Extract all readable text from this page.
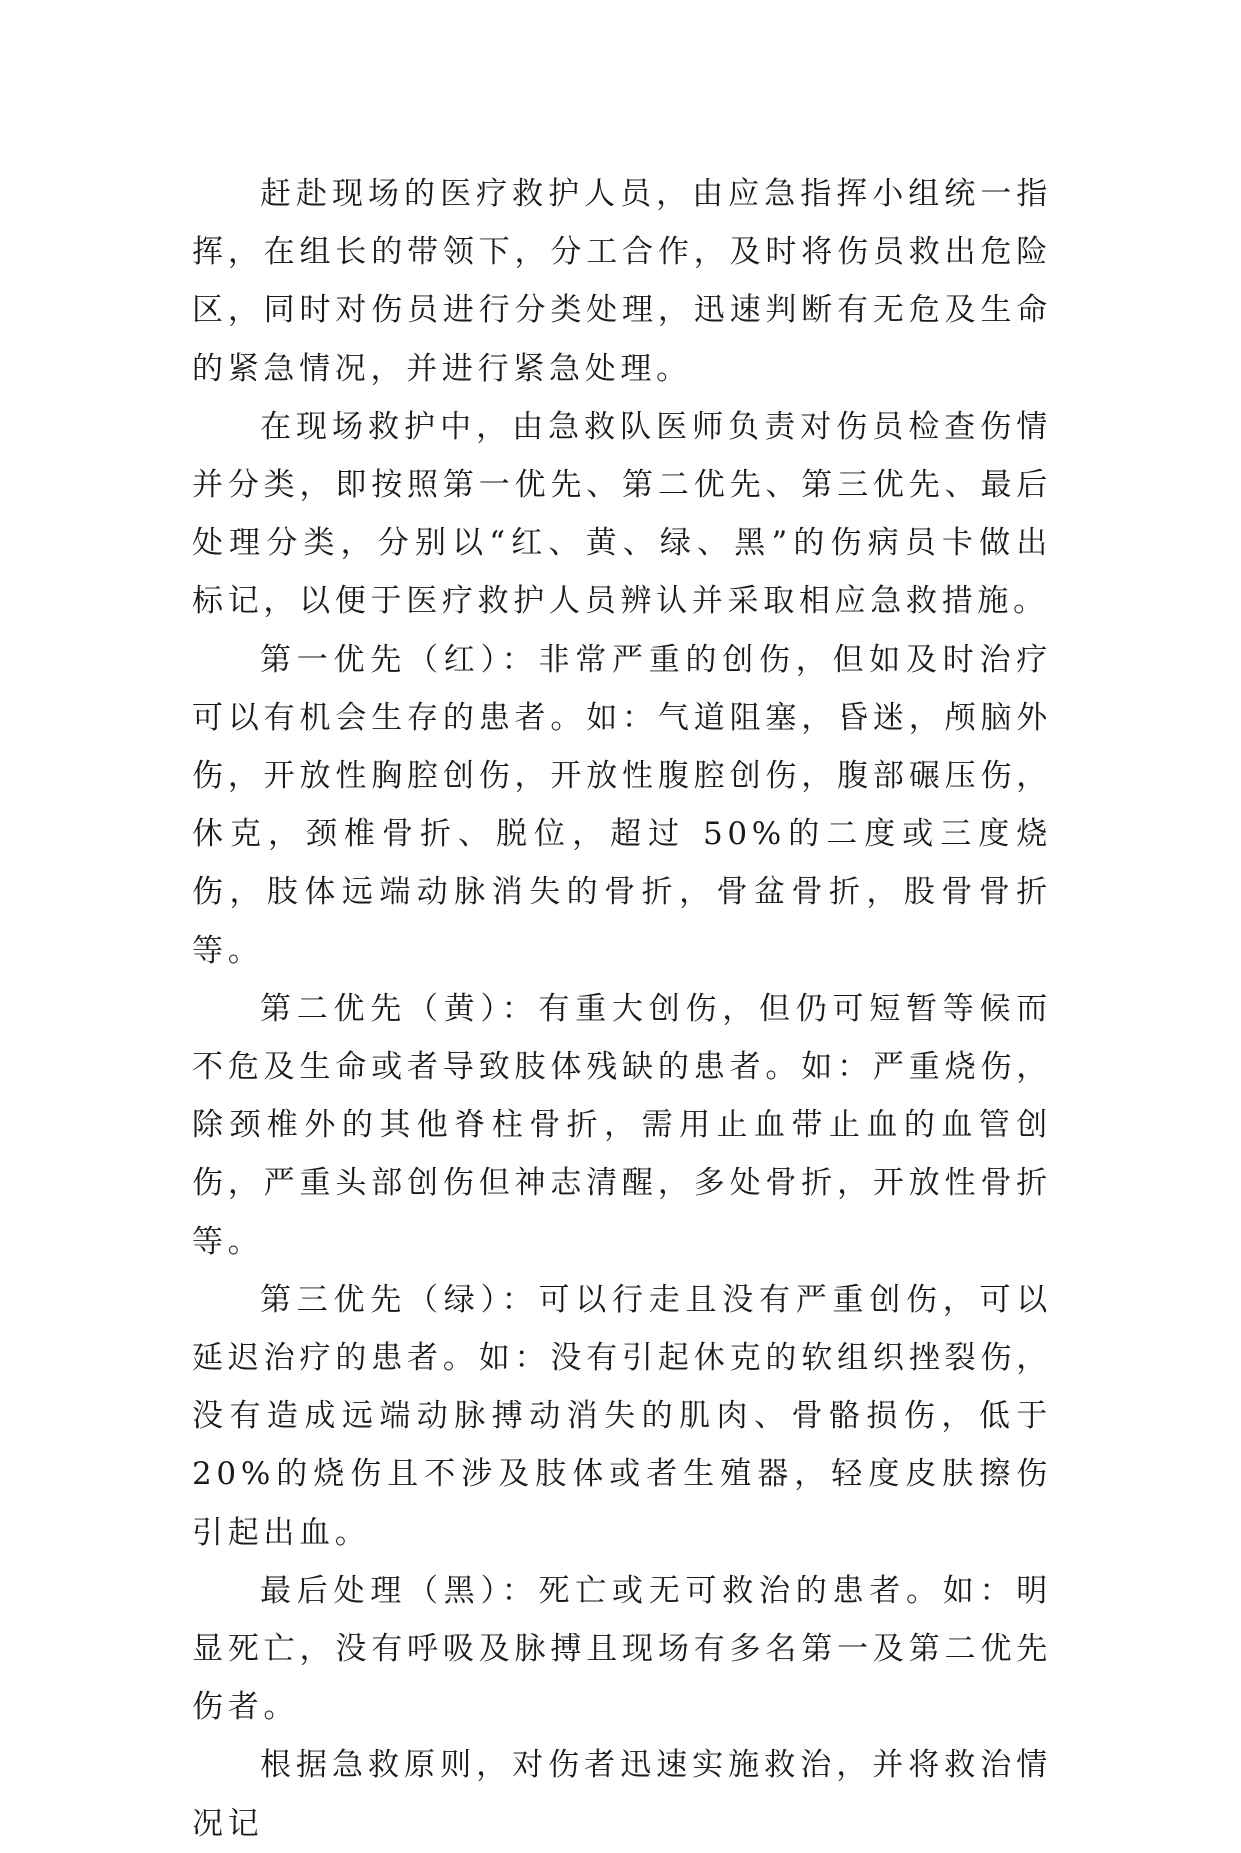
赶赴现场的医疗救护人员，由应急指挥小组统一指挥，在组长的带领下，分工合作，及时将伤员救出危险区，同时对伤员进行分类处理，迅速判断有无危及生命的紧急情况，并进行紧急处理。

在现场救护中，由急救队医师负责对伤员检查伤情并分类，即按照第一优先、第二优先、第三优先、最后处理分类，分别以“红、黄、绿、黑”的伤病员卡做出标记，以便于医疗救护人员辨认并采取相应急救措施。

第一优先（红）：非常严重的创伤，但如及时治疗可以有机会生存的患者。如：气道阻塞，昏迷，颅脑外伤，开放性胸腔创伤，开放性腹腔创伤，腹部碾压伤，休克，颈椎骨折、脱位，超过 50%的二度或三度烧伤，肢体远端动脉消失的骨折，骨盆骨折，股骨骨折等。

第二优先（黄）：有重大创伤，但仍可短暂等候而不危及生命或者导致肢体残缺的患者。如：严重烧伤，除颈椎外的其他脊柱骨折，需用止血带止血的血管创伤，严重头部创伤但神志清醒，多处骨折，开放性骨折等。

第三优先（绿）：可以行走且没有严重创伤，可以延迟治疗的患者。如：没有引起休克的软组织挫裂伤，没有造成远端动脉搏动消失的肌肉、骨骼损伤，低于 20%的烧伤且不涉及肢体或者生殖器，轻度皮肤擦伤引起出血。

最后处理（黑）：死亡或无可救治的患者。如：明显死亡，没有呼吸及脉搏且现场有多名第一及第二优先伤者。

根据急救原则，对伤者迅速实施救治，并将救治情况记
